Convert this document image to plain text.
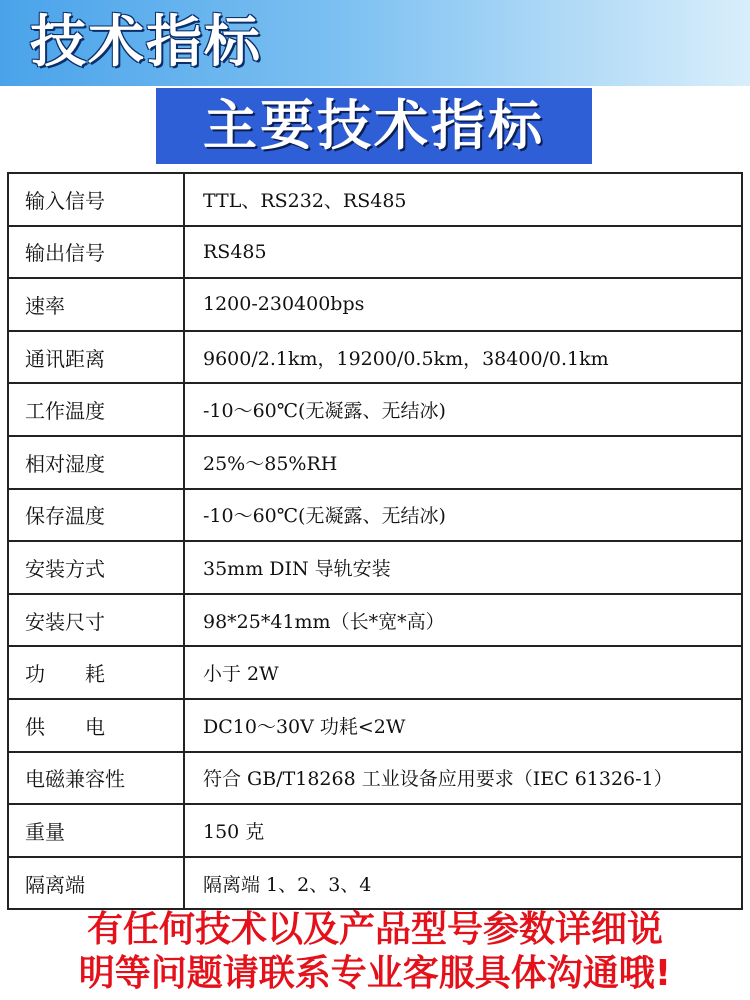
技术指标
主要技术指标
输入信号	TTL、RS232、RS485
输出信号	RS485
速率	1200-230400bps
通讯距离	9600/2.1km，19200/0.5km，38400/0.1km
工作温度	-10～60℃(无凝露、无结冰)
相对湿度	25%～85%RH
保存温度	-10～60℃(无凝露、无结冰)
安装方式	35mm DIN 导轨安装
安装尺寸	98*25*41mm（长*宽*高）
功　　耗	小于 2W
供　　电	DC10～30V 功耗<2W
电磁兼容性	符合 GB/T18268 工业设备应用要求（IEC 61326-1）
重量	150 克
隔离端	隔离端 1、2、3、4
有任何技术以及产品型号参数详细说
明等问题请联系专业客服具体沟通哦!
